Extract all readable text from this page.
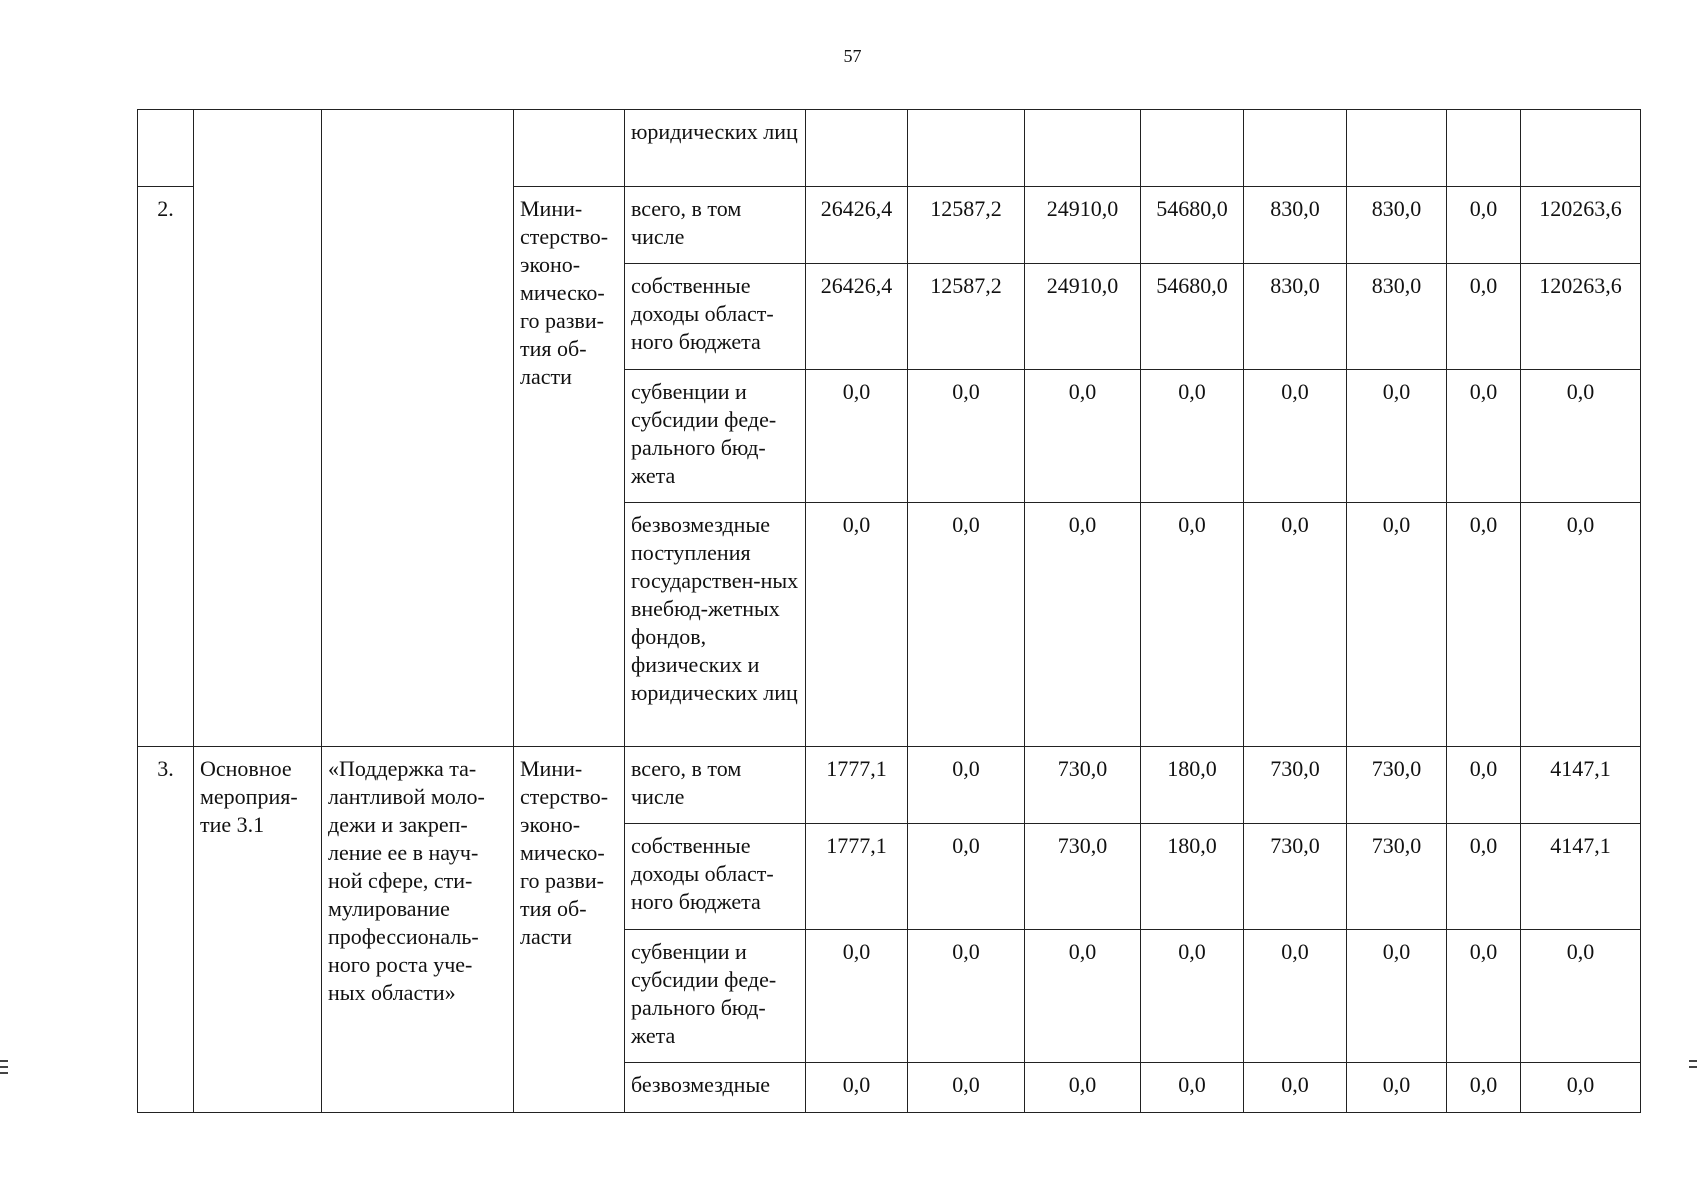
57
				юридических лиц								
2.			Мини-стерство-эконо-мическо-го разви-тия об-ласти	всего, в том числе	26426,4	12587,2	24910,0	54680,0	830,0	830,0	0,0	120263,6
				собственные доходы област-ного бюджета	26426,4	12587,2	24910,0	54680,0	830,0	830,0	0,0	120263,6
				субвенции и субсидии феде-рального бюд-жета	0,0	0,0	0,0	0,0	0,0	0,0	0,0	0,0
				безвозмездные поступления государствен-ных внебюд-жетных фондов, физических и юридических лиц	0,0	0,0	0,0	0,0	0,0	0,0	0,0	0,0
3.	Основное мероприя-тие 3.1	«Поддержка та-лантливой моло-дежи и закреп-ление ее в науч-ной сфере, сти-мулирование профессиональ-ного роста уче-ных области»	Мини-стерство-эконо-мическо-го разви-тия об-ласти	всего, в том числе	1777,1	0,0	730,0	180,0	730,0	730,0	0,0	4147,1
				собственные доходы област-ного бюджета	1777,1	0,0	730,0	180,0	730,0	730,0	0,0	4147,1
				субвенции и субсидии феде-рального бюд-жета	0,0	0,0	0,0	0,0	0,0	0,0	0,0	0,0
				безвозмездные	0,0	0,0	0,0	0,0	0,0	0,0	0,0	0,0
